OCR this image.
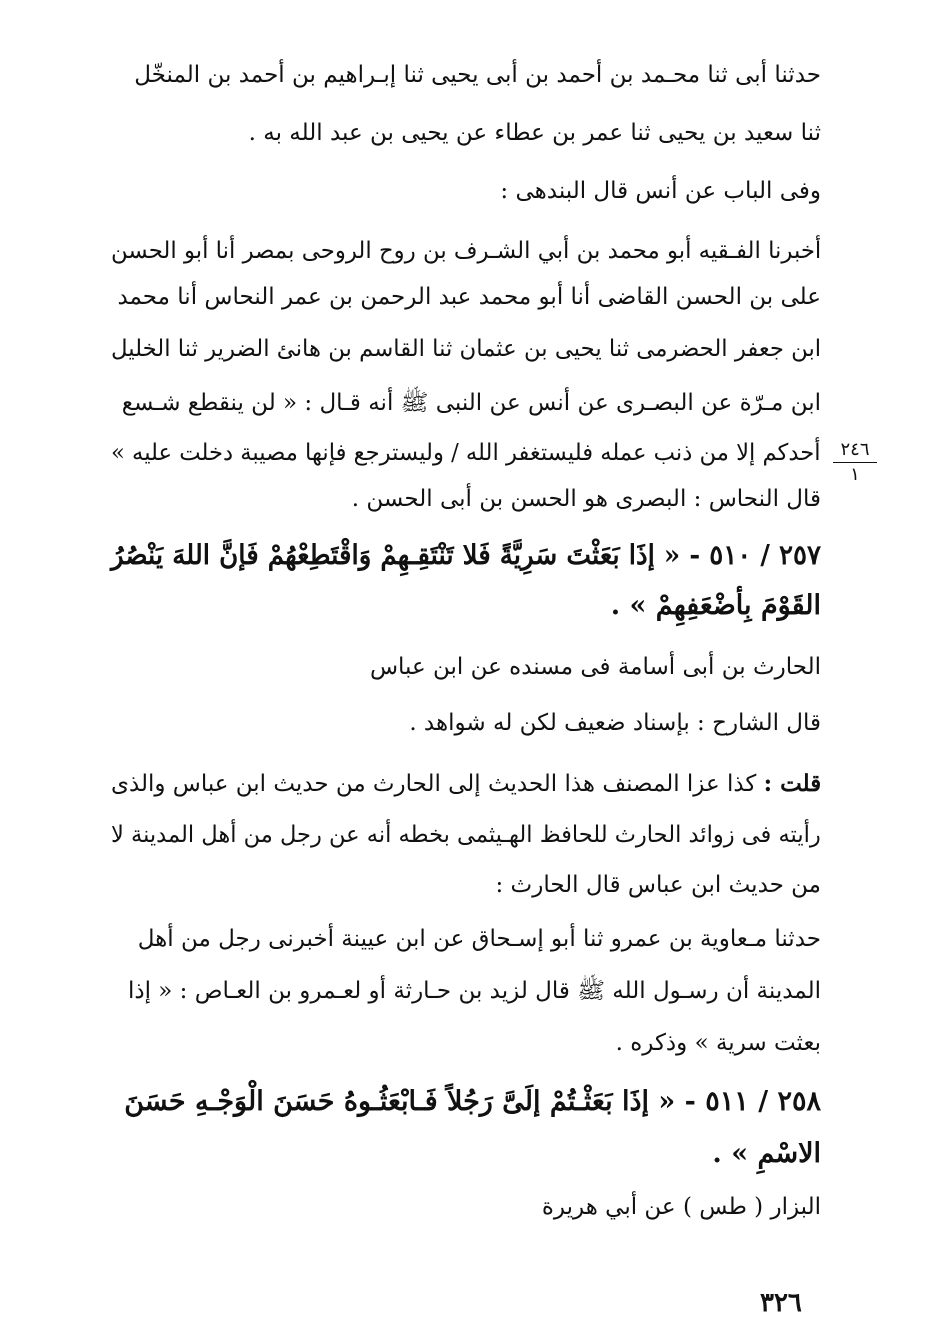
حدثنا أبى ثنا محـمد بن أحمد بن أبى يحيى ثنا إبـراهيم بن أحمد بن المنخّل
ثنا سعيد بن يحيى ثنا عمر بن عطاء عن يحيى بن عبد الله به .
وفى الباب عن أنس قال البندهى :
أخبرنا الفـقيه أبو محمد بن أبي الشـرف بن روح الروحى بمصر أنا أبو الحسن
على بن الحسن القاضى أنا أبو محمد عبد الرحمن بن عمر النحاس أنا محمد
ابن جعفر الحضرمى ثنا يحيى بن عثمان ثنا القاسم بن هانئ الضرير ثنا الخليل
ابن مـرّة عن البصـرى عن أنس عن النبى ﷺ أنه قـال : « لن ينقطع شـسع
أحدكم إلا من ذنب عمله فليستغفر الله / وليسترجع فإنها مصيبة دخلت عليه »
قال النحاس : البصرى هو الحسن بن أبى الحسن .
٢٤٦
١
٢٥٧ / ٥١٠ - « إذَا بَعَثْتَ سَرِيَّةً فَلا تَنْتَقِـهِمْ وَاقْتَطِعْهُمْ فَإنَّ اللهَ يَنْصُرُ
القَوْمَ بِأضْعَفِهِمْ » .
الحارث بن أبى أسامة فى مسنده عن ابن عباس
قال الشارح : بإسناد ضعيف لكن له شواهد .
قلت : كذا عزا المصنف هذا الحديث إلى الحارث من حديث ابن عباس والذى
رأيته فى زوائد الحارث للحافظ الهـيثمى بخطه أنه عن رجل من أهل المدينة لا
من حديث ابن عباس قال الحارث :
حدثنا مـعاوية بن عمرو ثنا أبو إسـحاق عن ابن عيينة أخبرنى رجل من أهل
المدينة أن رسـول الله ﷺ قال لزيد بن حـارثة أو لعـمرو بن العـاص : « إذا
بعثت سرية » وذكره .
٢٥٨ / ٥١١ - « إذَا بَعَثْـتُمْ إلَىَّ رَجُلاً فَـابْعَثُـوهُ حَسَنَ الْوَجْـهِ حَسَنَ
الاسْمِ » .
البزار ( طس ) عن أبي هريرة
٣٢٦
